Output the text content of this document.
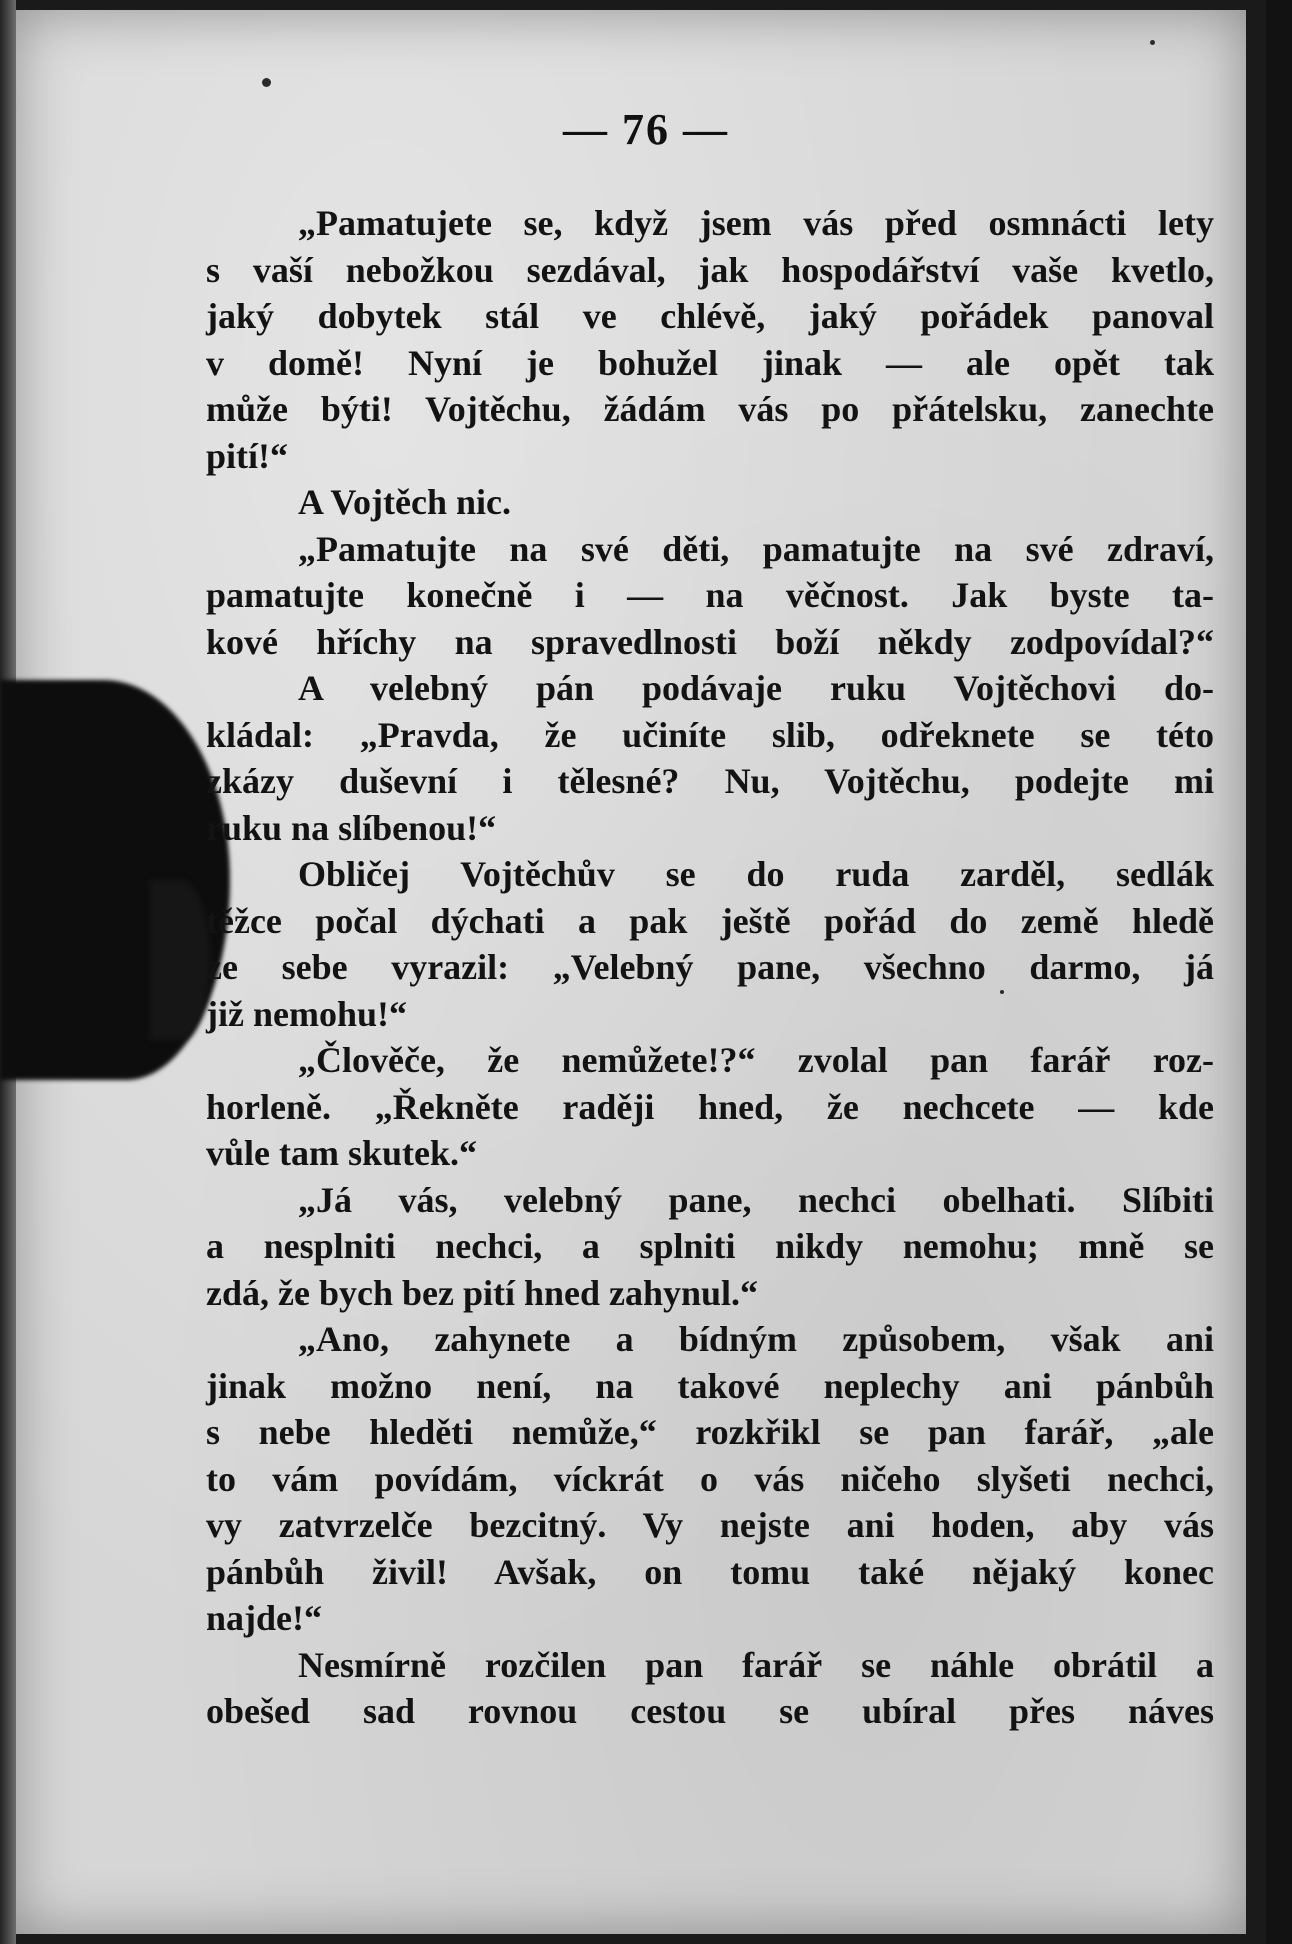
— 76 —
„Pamatujete se, když jsem vás před osmnácti lety
s vaší nebožkou sezdával, jak hospodářství vaše kvetlo,
jaký dobytek stál ve chlévě, jaký pořádek panoval
v domě! Nyní je bohužel jinak — ale opět tak
může býti! Vojtěchu, žádám vás po přátelsku, zanechte
pití!“
A Vojtěch nic.
„Pamatujte na své děti, pamatujte na své zdraví,
pamatujte konečně i — na věčnost. Jak byste ta-
kové hříchy na spravedlnosti boží někdy zodpovídal?“
A velebný pán podávaje ruku Vojtěchovi do-
kládal: „Pravda, že učiníte slib, odřeknete se této
zkázy duševní i tělesné? Nu, Vojtěchu, podejte mi
ruku na slíbenou!“
Obličej Vojtěchův se do ruda zarděl, sedlák
těžce počal dýchati a pak ještě pořád do země hledě
ze sebe vyrazil: „Velebný pane, všechno darmo, já
již nemohu!“
„Člověče, že nemůžete!?“ zvolal pan farář roz-
horleně. „Řekněte raději hned, že nechcete — kde
vůle tam skutek.“
„Já vás, velebný pane, nechci obelhati. Slíbiti
a nesplniti nechci, a splniti nikdy nemohu; mně se
zdá, že bych bez pití hned zahynul.“
„Ano, zahynete a bídným způsobem, však ani
jinak možno není, na takové neplechy ani pánbůh
s nebe hleděti nemůže,“ rozkřikl se pan farář, „ale
to vám povídám, víckrát o vás ničeho slyšeti nechci,
vy zatvrzelče bezcitný. Vy nejste ani hoden, aby vás
pánbůh živil! Avšak, on tomu také nějaký konec
najde!“
Nesmírně rozčilen pan farář se náhle obrátil a
obešed sad rovnou cestou se ubíral přes náves
